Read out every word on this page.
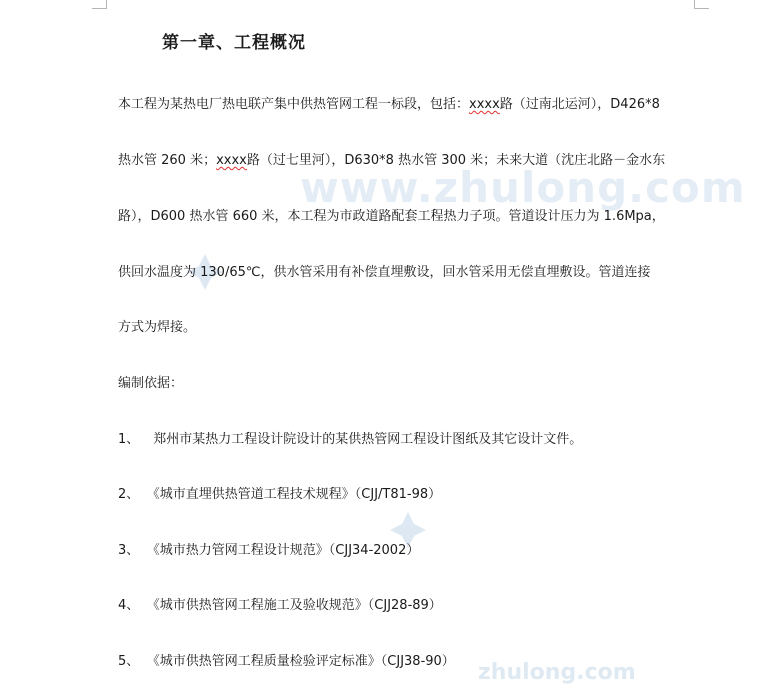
www.zhulong.com
zhulong.com
第一章、工程概况

本工程为某热电厂热电联产集中供热管网工程一标段，包括：xxxx路（过南北运河），D426*8

热水管 260 米；xxxx路（过七里河），D630*8 热水管 300 米；未来大道（沈庄北路－金水东

路），D600 热水管 660 米，本工程为市政道路配套工程热力子项。管道设计压力为 1.6Mpa，

供回水温度为 130/65℃，供水管采用有补偿直埋敷设，回水管采用无偿直埋敷设。管道连接

方式为焊接。

编制依据：

1、 郑州市某热力工程设计院设计的某供热管网工程设计图纸及其它设计文件。

2、 《城市直埋供热管道工程技术规程》（CJJ/T81-98）

3、 《城市热力管网工程设计规范》（CJJ34-2002）

4、 《城市供热管网工程施工及验收规范》（CJJ28-89）

5、 《城市供热管网工程质量检验评定标准》（CJJ38-90）
